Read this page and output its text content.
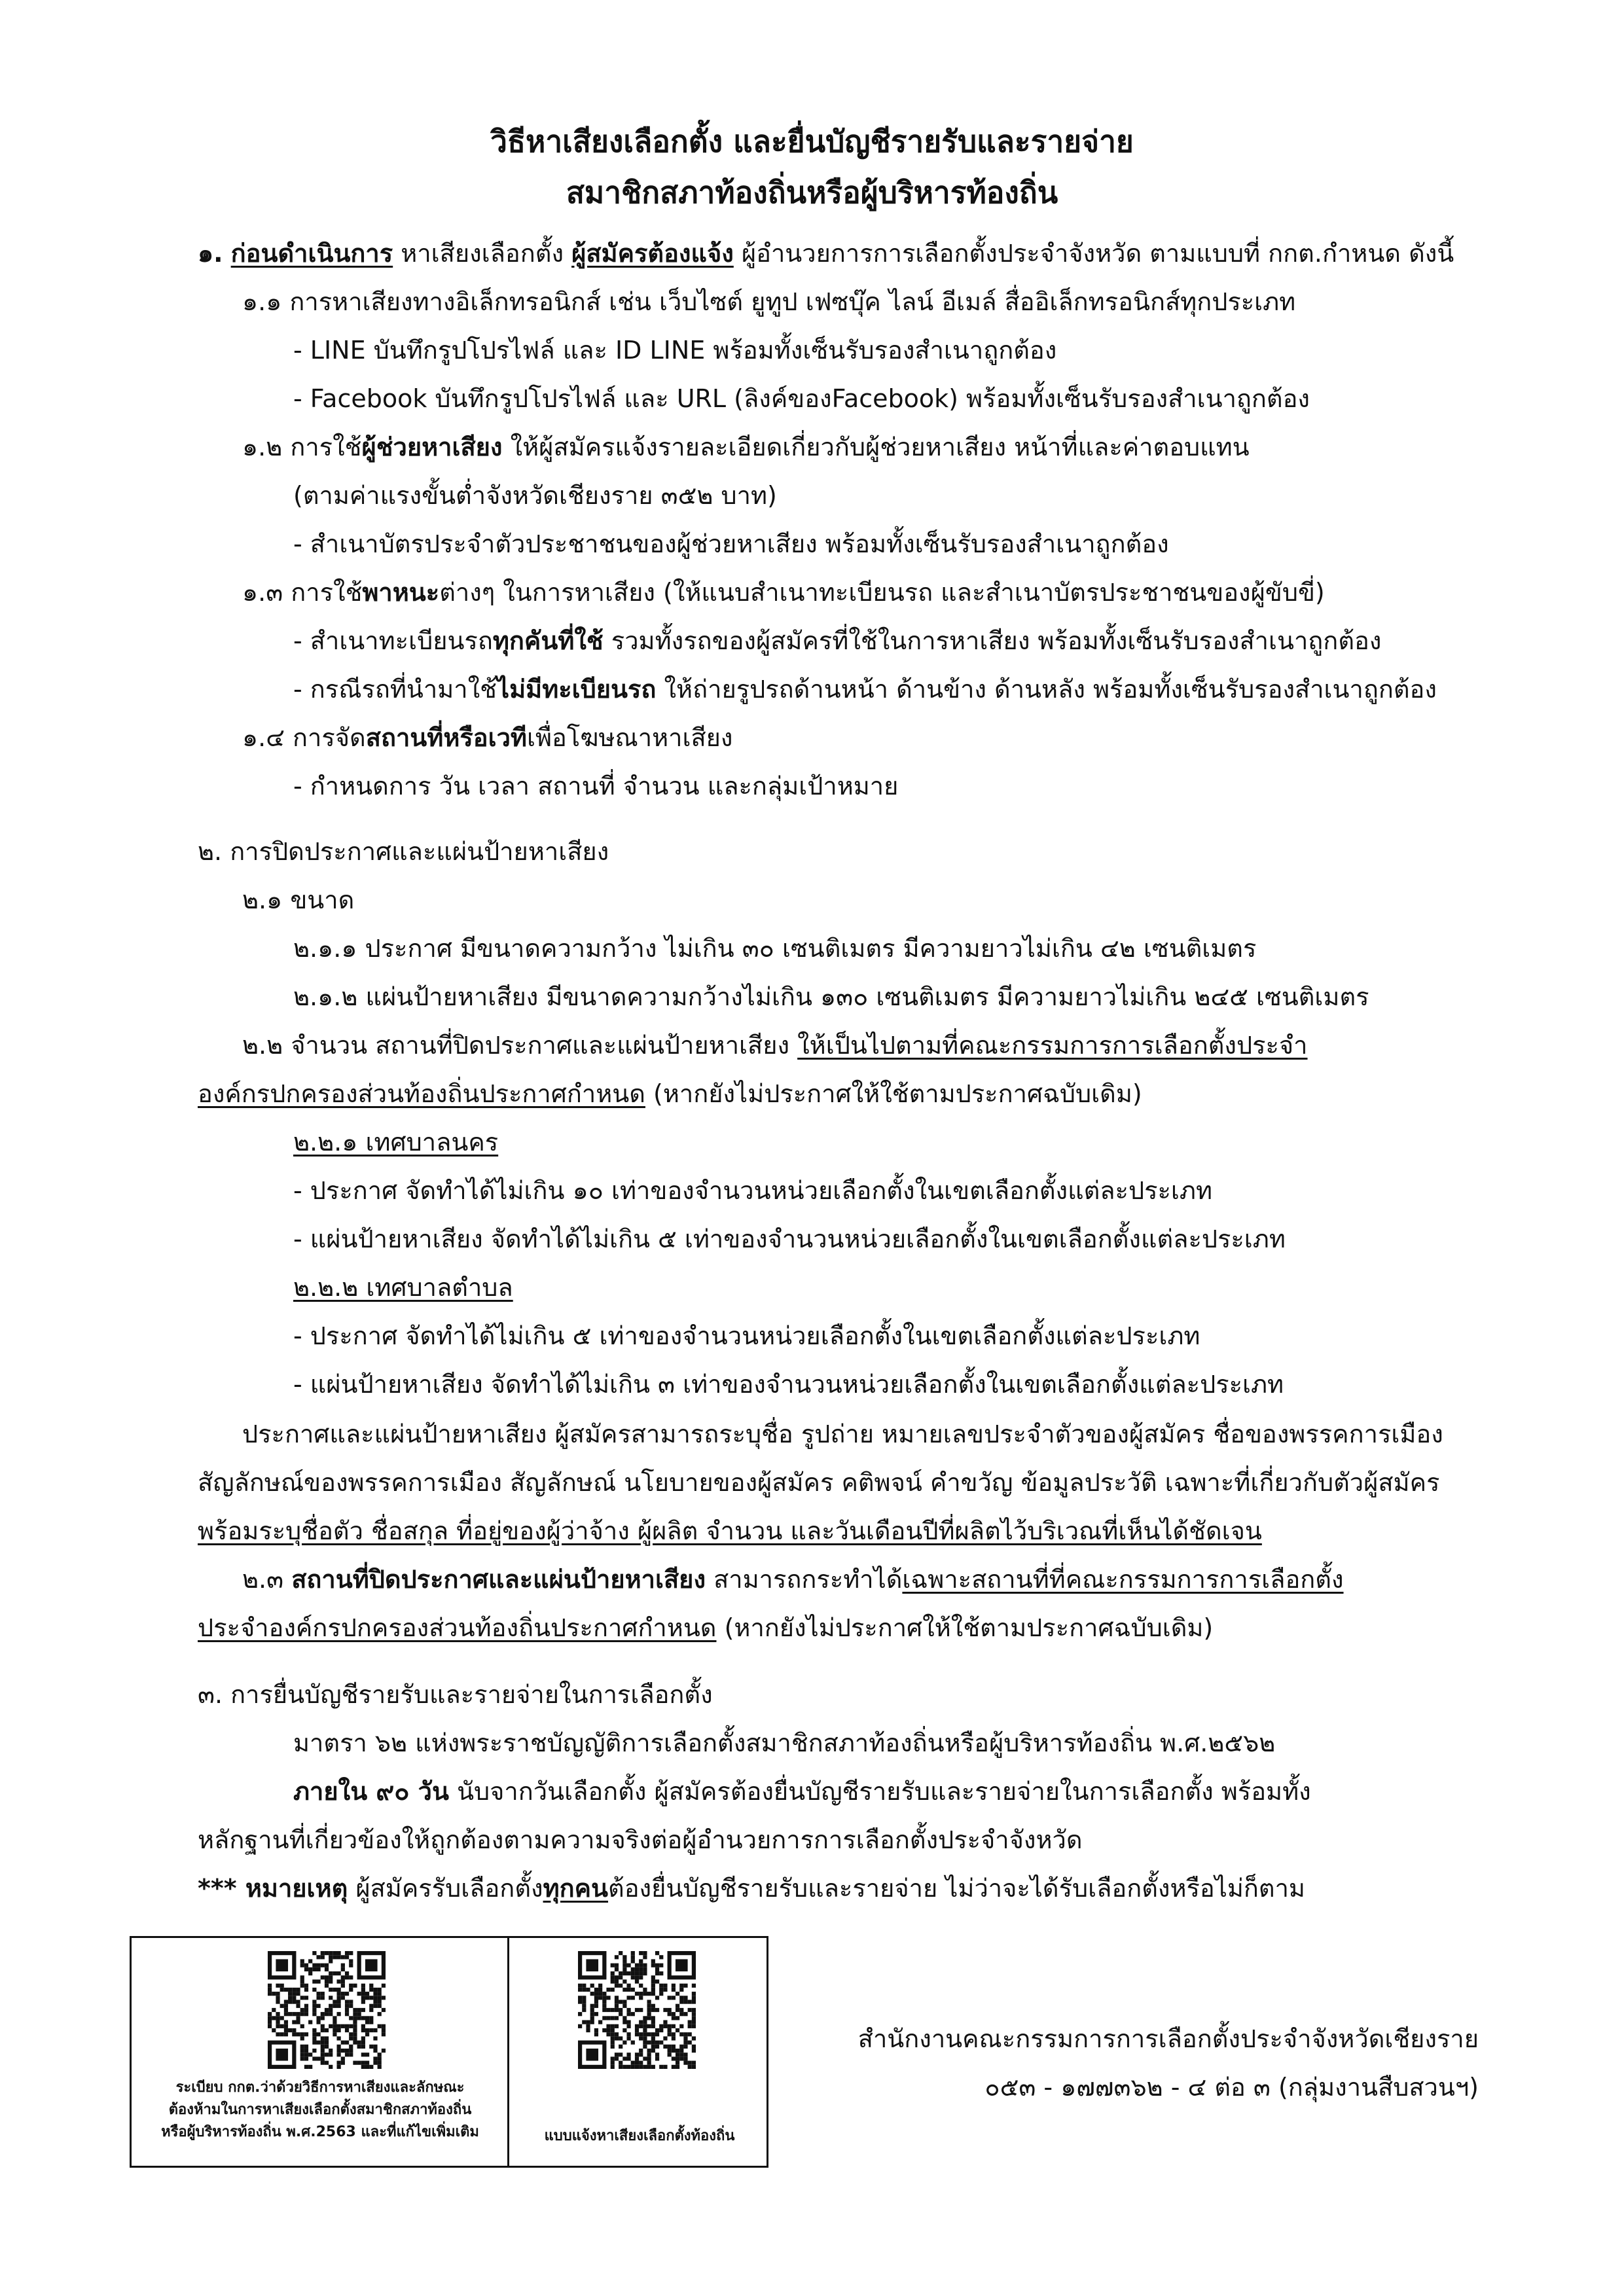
วิธีหาเสียงเลือกตั้ง และยื่นบัญชีรายรับและรายจ่าย
สมาชิกสภาท้องถิ่นหรือผู้บริหารท้องถิ่น
๑. ก่อนดำเนินการ หาเสียงเลือกตั้ง ผู้สมัครต้องแจ้ง ผู้อำนวยการการเลือกตั้งประจำจังหวัด ตามแบบที่ กกต.กำหนด ดังนี้
๑.๑ การหาเสียงทางอิเล็กทรอนิกส์ เช่น เว็บไซต์ ยูทูป เฟซบุ๊ค ไลน์ อีเมล์ สื่ออิเล็กทรอนิกส์ทุกประเภท
- LINE บันทึกรูปโปรไฟล์ และ ID LINE พร้อมทั้งเซ็นรับรองสำเนาถูกต้อง
- Facebook บันทึกรูปโปรไฟล์ และ URL (ลิงค์ของFacebook) พร้อมทั้งเซ็นรับรองสำเนาถูกต้อง
๑.๒ การใช้ผู้ช่วยหาเสียง ให้ผู้สมัครแจ้งรายละเอียดเกี่ยวกับผู้ช่วยหาเสียง หน้าที่และค่าตอบแทน
(ตามค่าแรงขั้นต่ำจังหวัดเชียงราย ๓๕๒ บาท)
- สำเนาบัตรประจำตัวประชาชนของผู้ช่วยหาเสียง พร้อมทั้งเซ็นรับรองสำเนาถูกต้อง
๑.๓ การใช้พาหนะต่างๆ ในการหาเสียง (ให้แนบสำเนาทะเบียนรถ และสำเนาบัตรประชาชนของผู้ขับขี่)
- สำเนาทะเบียนรถทุกคันที่ใช้ รวมทั้งรถของผู้สมัครที่ใช้ในการหาเสียง พร้อมทั้งเซ็นรับรองสำเนาถูกต้อง
- กรณีรถที่นำมาใช้ไม่มีทะเบียนรถ ให้ถ่ายรูปรถด้านหน้า ด้านข้าง ด้านหลัง พร้อมทั้งเซ็นรับรองสำเนาถูกต้อง
๑.๔ การจัดสถานที่หรือเวทีเพื่อโฆษณาหาเสียง
- กำหนดการ วัน เวลา สถานที่ จำนวน และกลุ่มเป้าหมาย
๒. การปิดประกาศและแผ่นป้ายหาเสียง
๒.๑ ขนาด
๒.๑.๑ ประกาศ มีขนาดความกว้าง ไม่เกิน ๓๐ เซนติเมตร มีความยาวไม่เกิน ๔๒ เซนติเมตร
๒.๑.๒ แผ่นป้ายหาเสียง มีขนาดความกว้างไม่เกิน ๑๓๐ เซนติเมตร มีความยาวไม่เกิน ๒๔๕ เซนติเมตร
๒.๒ จำนวน สถานที่ปิดประกาศและแผ่นป้ายหาเสียง ให้เป็นไปตามที่คณะกรรมการการเลือกตั้งประจำ
องค์กรปกครองส่วนท้องถิ่นประกาศกำหนด (หากยังไม่ประกาศให้ใช้ตามประกาศฉบับเดิม)
๒.๒.๑ เทศบาลนคร
- ประกาศ จัดทำได้ไม่เกิน ๑๐ เท่าของจำนวนหน่วยเลือกตั้งในเขตเลือกตั้งแต่ละประเภท
- แผ่นป้ายหาเสียง จัดทำได้ไม่เกิน ๕ เท่าของจำนวนหน่วยเลือกตั้งในเขตเลือกตั้งแต่ละประเภท
๒.๒.๒ เทศบาลตำบล
- ประกาศ จัดทำได้ไม่เกิน ๕ เท่าของจำนวนหน่วยเลือกตั้งในเขตเลือกตั้งแต่ละประเภท
- แผ่นป้ายหาเสียง จัดทำได้ไม่เกิน ๓ เท่าของจำนวนหน่วยเลือกตั้งในเขตเลือกตั้งแต่ละประเภท
ประกาศและแผ่นป้ายหาเสียง ผู้สมัครสามารถระบุชื่อ รูปถ่าย หมายเลขประจำตัวของผู้สมัคร ชื่อของพรรคการเมือง
สัญลักษณ์ของพรรคการเมือง สัญลักษณ์ นโยบายของผู้สมัคร คติพจน์ คำขวัญ ข้อมูลประวัติ เฉพาะที่เกี่ยวกับตัวผู้สมัคร
พร้อมระบุชื่อตัว ชื่อสกุล ที่อยู่ของผู้ว่าจ้าง ผู้ผลิต จำนวน และวันเดือนปีที่ผลิตไว้บริเวณที่เห็นได้ชัดเจน
๒.๓ สถานที่ปิดประกาศและแผ่นป้ายหาเสียง สามารถกระทำได้เฉพาะสถานที่ที่คณะกรรมการการเลือกตั้ง
ประจำองค์กรปกครองส่วนท้องถิ่นประกาศกำหนด (หากยังไม่ประกาศให้ใช้ตามประกาศฉบับเดิม)
๓. การยื่นบัญชีรายรับและรายจ่ายในการเลือกตั้ง
มาตรา ๖๒ แห่งพระราชบัญญัติการเลือกตั้งสมาชิกสภาท้องถิ่นหรือผู้บริหารท้องถิ่น พ.ศ.๒๕๖๒
ภายใน ๙๐ วัน นับจากวันเลือกตั้ง ผู้สมัครต้องยื่นบัญชีรายรับและรายจ่ายในการเลือกตั้ง พร้อมทั้ง
หลักฐานที่เกี่ยวข้องให้ถูกต้องตามความจริงต่อผู้อำนวยการการเลือกตั้งประจำจังหวัด
*** หมายเหตุ ผู้สมัครรับเลือกตั้งทุกคนต้องยื่นบัญชีรายรับและรายจ่าย ไม่ว่าจะได้รับเลือกตั้งหรือไม่ก็ตาม
ระเบียบ กกต.ว่าด้วยวิธีการหาเสียงและลักษณะ
ต้องห้ามในการหาเสียงเลือกตั้งสมาชิกสภาท้องถิ่น
หรือผู้บริหารท้องถิ่น พ.ศ.2563 และที่แก้ไขเพิ่มเติม	แบบแจ้งหาเสียงเลือกตั้งท้องถิ่น
สำนักงานคณะกรรมการการเลือกตั้งประจำจังหวัดเชียงราย
๐๕๓ - ๑๗๗๓๖๒ - ๔ ต่อ ๓ (กลุ่มงานสืบสวนฯ)
